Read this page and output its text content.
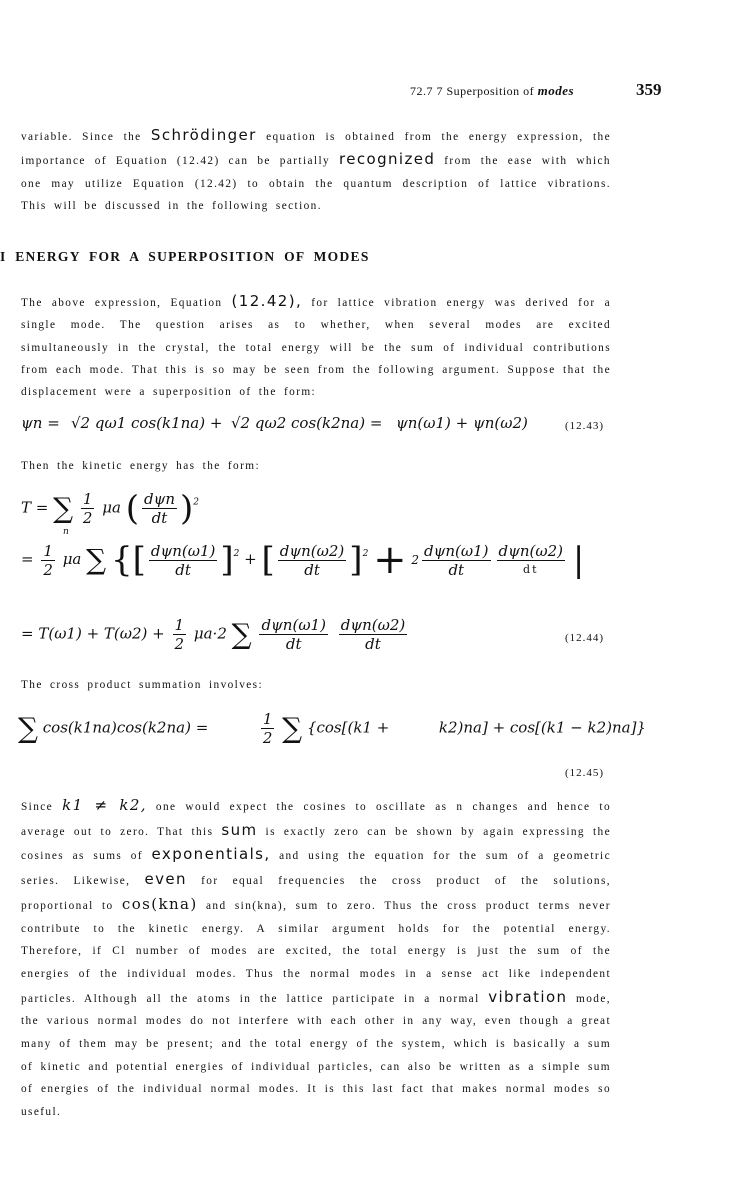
72.7 7 Superposition of modes	359
variable. Since the Schrödinger equation is obtained from the energy expression, the importance of Equation (12.42) can be partially recognized from the ease with which one may utilize Equation (12.42) to obtain the quantum description of lattice vibrations. This will be discussed in the following section.
I ENERGY FOR A SUPERPOSITION OF MODES
The above expression, Equation (12.42), for lattice vibration energy was derived for a single mode. The question arises as to whether, when several modes are excited simultaneously in the crystal, the total energy will be the sum of individual contributions from each mode. That this is so may be seen from the following argument. Suppose that the displacement were a superposition of the form:
ψn = √2 qω1 cos(k1na) + √2 qω2 cos(k2na) = ψn(ω1) + ψn(ω2)	(12.43)
Then the kinetic energy has the form:
T = ∑ $\frac{1}{2}$ μa ( $\frac{\text{dψn}}{dt} )^2$
n
= $\frac{1}{2}$ μa ∑ {[ $\frac{\text{dψn(ω1)}}{dt} ]^2$ + [ $\frac{\text{dψn(ω2)}}{dt} ]^2 + 2 \frac{\text{dψn(ω1)}}{dt} \frac{\text{dψn(ω2)}}{dt}$ |
= $T(\omega 1) + T(\omega 2) + \frac{1}{2} \mu a\cdot 2$ ∑ $\frac{\text{dψn(ω1)}}{dt}$
$\frac{\text{dψn(ω2)}}{dt}$	(12.44)
The cross product summation involves:
∑ cos(k1na)cos(k2na) =	$\frac{1}{2}$ ∑ {cos[(k1 +	k2)na] + cos[(k1 − k2)na]}
(12.45)
Since k1 ≠ k2, one would expect the cosines to oscillate as n changes and hence to average out to zero. That this sum is exactly zero can be shown by again expressing the cosines as sums of exponentials, and using the equation for the sum of a geometric series. Likewise, even for equal frequencies the cross product of the solutions, proportional to cos(kna) and sin(kna), sum to zero. Thus the cross product terms never contribute to the kinetic energy. A similar argument holds for the potential energy. Therefore, if Cl number of modes are excited, the total energy is just the sum of the energies of the individual modes. Thus the normal modes in a sense act like independent particles. Although all the atoms in the lattice participate in a normal vibration mode, the various normal modes do not interfere with each other in any way, even though a great many of them may be present; and the total energy of the system, which is basically a sum of kinetic and potential energies of individual particles, can also be written as a simple sum of energies of the individual normal modes. It is this last fact that makes normal modes so useful.
